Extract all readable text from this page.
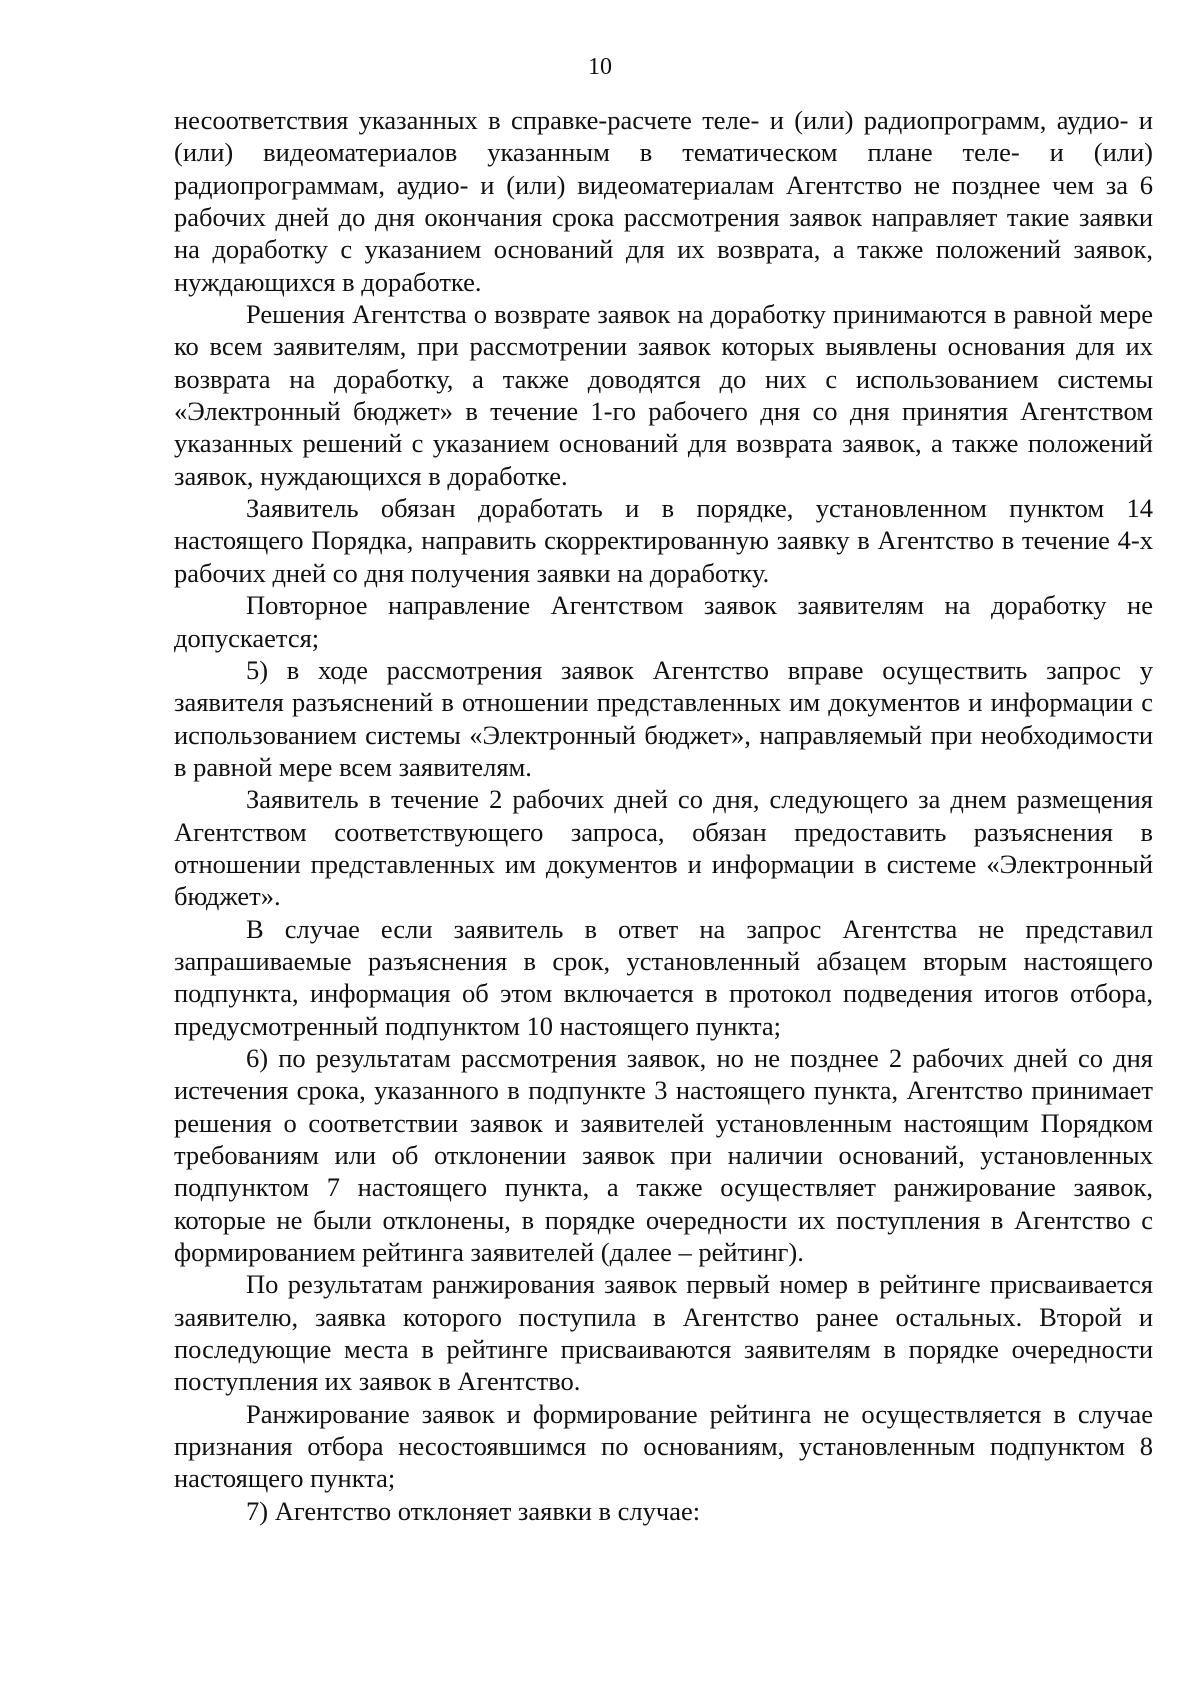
10

несоответствия указанных в справке-расчете теле- и (или) радиопрограмм, аудио- и (или) видеоматериалов указанным в тематическом плане теле- и (или) радиопрограммам, аудио- и (или) видеоматериалам Агентство не позднее чем за 6 рабочих дней до дня окончания срока рассмотрения заявок направляет такие заявки на доработку с указанием оснований для их возврата, а также положений заявок, нуждающихся в доработке.

Решения Агентства о возврате заявок на доработку принимаются в равной мере ко всем заявителям, при рассмотрении заявок которых выявлены основания для их возврата на доработку, а также доводятся до них с использованием системы «Электронный бюджет» в течение 1-го рабочего дня со дня принятия Агентством указанных решений с указанием оснований для возврата заявок, а также положений заявок, нуждающихся в доработке.

Заявитель обязан доработать и в порядке, установленном пунктом 14 настоящего Порядка, направить скорректированную заявку в Агентство в течение 4-х рабочих дней со дня получения заявки на доработку.

Повторное направление Агентством заявок заявителям на доработку не допускается;

5) в ходе рассмотрения заявок Агентство вправе осуществить запрос у заявителя разъяснений в отношении представленных им документов и информации с использованием системы «Электронный бюджет», направляемый при необходимости в равной мере всем заявителям.

Заявитель в течение 2 рабочих дней со дня, следующего за днем размещения Агентством соответствующего запроса, обязан предоставить разъяснения в отношении представленных им документов и информации в системе «Электронный бюджет».

В случае если заявитель в ответ на запрос Агентства не представил запрашиваемые разъяснения в срок, установленный абзацем вторым настоящего подпункта, информация об этом включается в протокол подведения итогов отбора, предусмотренный подпунктом 10 настоящего пункта;

6) по результатам рассмотрения заявок, но не позднее 2 рабочих дней со дня истечения срока, указанного в подпункте 3 настоящего пункта, Агентство принимает решения о соответствии заявок и заявителей установленным настоящим Порядком требованиям или об отклонении заявок при наличии оснований, установленных подпунктом 7 настоящего пункта, а также осуществляет ранжирование заявок, которые не были отклонены, в порядке очередности их поступления в Агентство с формированием рейтинга заявителей (далее – рейтинг).

По результатам ранжирования заявок первый номер в рейтинге присваивается заявителю, заявка которого поступила в Агентство ранее остальных. Второй и последующие места в рейтинге присваиваются заявителям в порядке очередности поступления их заявок в Агентство.

Ранжирование заявок и формирование рейтинга не осуществляется в случае признания отбора несостоявшимся по основаниям, установленным подпунктом 8 настоящего пункта;

7) Агентство отклоняет заявки в случае:
